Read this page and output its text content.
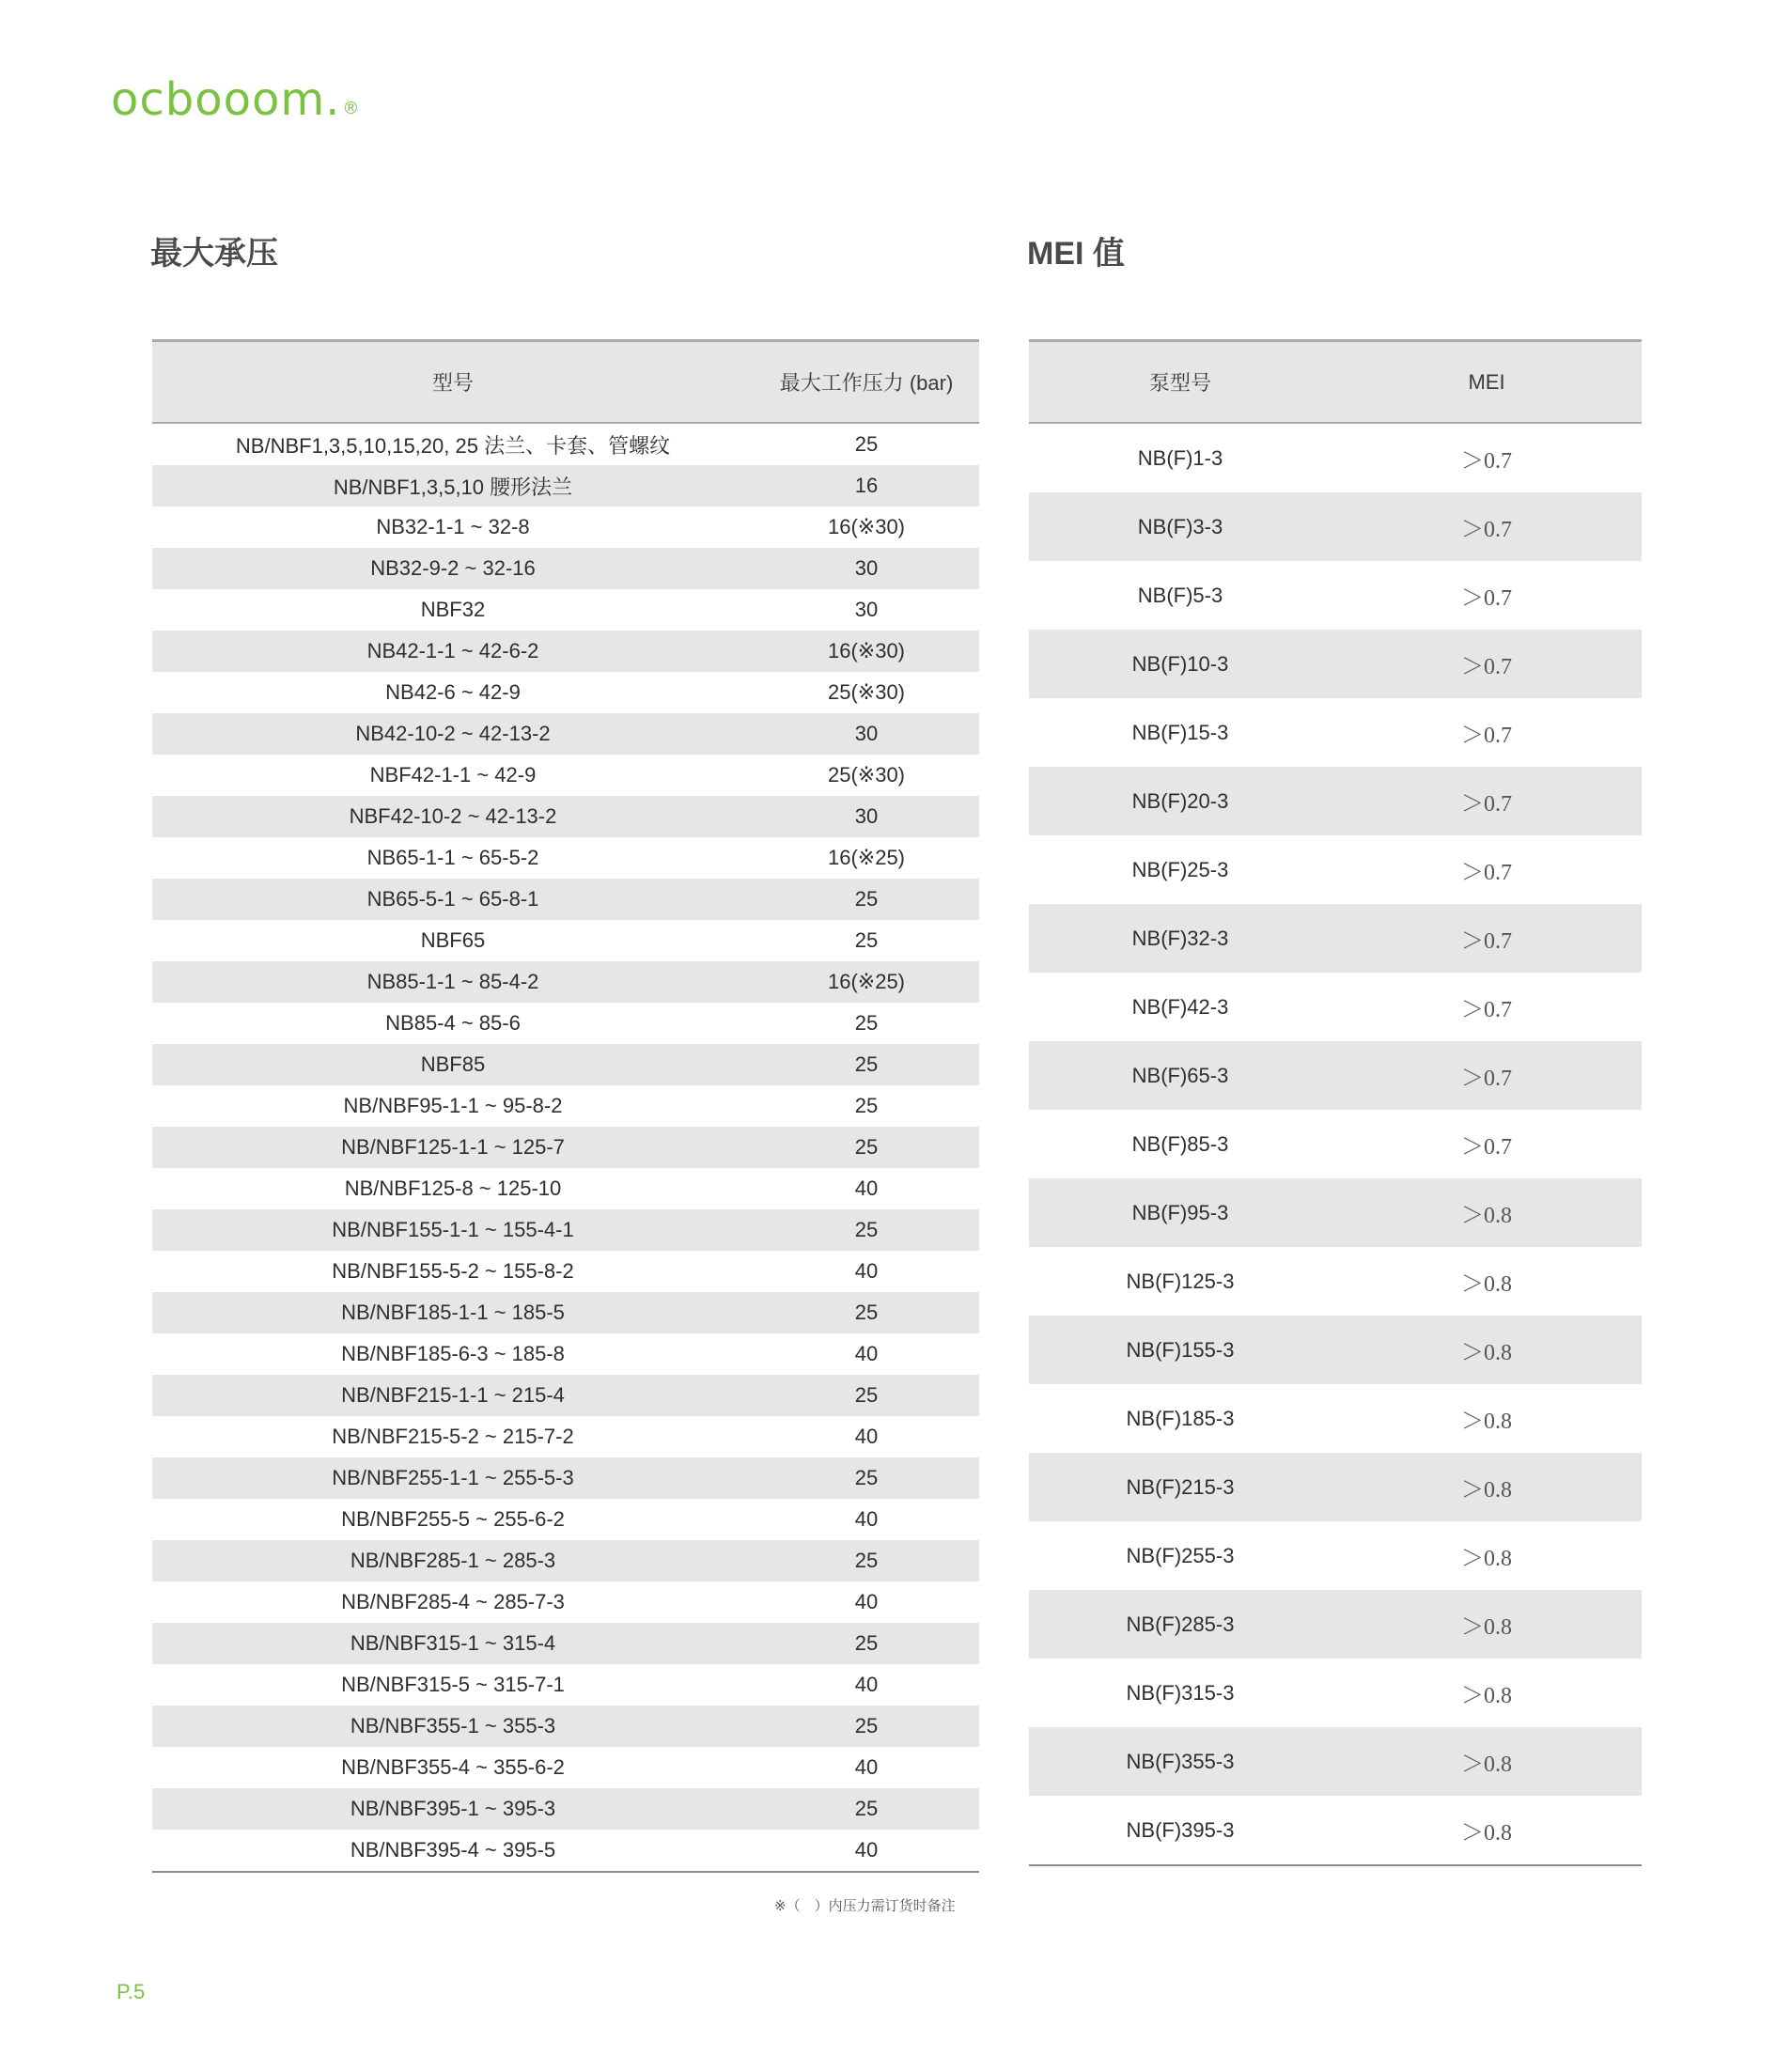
ocbooom. ®
最大承压	MEI 值
型号	最大工作压力 (bar)
NB/NBF1,3,5,10,15,20, 25 法兰、卡套、管螺纹	25
NB/NBF1,3,5,10 腰形法兰	16
NB32-1-1 ~ 32-8	16(※30)
NB32-9-2 ~ 32-16	30
NBF32	30
NB42-1-1 ~ 42-6-2	16(※30)
NB42-6 ~ 42-9	25(※30)
NB42-10-2 ~ 42-13-2	30
NBF42-1-1 ~ 42-9	25(※30)
NBF42-10-2 ~ 42-13-2	30
NB65-1-1 ~ 65-5-2	16(※25)
NB65-5-1 ~ 65-8-1	25
NBF65	25
NB85-1-1 ~ 85-4-2	16(※25)
NB85-4 ~ 85-6	25
NBF85	25
NB/NBF95-1-1 ~ 95-8-2	25
NB/NBF125-1-1 ~ 125-7	25
NB/NBF125-8 ~ 125-10	40
NB/NBF155-1-1 ~ 155-4-1	25
NB/NBF155-5-2 ~ 155-8-2	40
NB/NBF185-1-1 ~ 185-5	25
NB/NBF185-6-3 ~ 185-8	40
NB/NBF215-1-1 ~ 215-4	25
NB/NBF215-5-2 ~ 215-7-2	40
NB/NBF255-1-1 ~ 255-5-3	25
NB/NBF255-5 ~ 255-6-2	40
NB/NBF285-1 ~ 285-3	25
NB/NBF285-4 ~ 285-7-3	40
NB/NBF315-1 ~ 315-4	25
NB/NBF315-5 ~ 315-7-1	40
NB/NBF355-1 ~ 355-3	25
NB/NBF355-4 ~ 355-6-2	40
NB/NBF395-1 ~ 395-3	25
NB/NBF395-4 ~ 395-5	40
泵型号	MEI
NB(F)1-3	＞0.7
NB(F)3-3	＞0.7
NB(F)5-3	＞0.7
NB(F)10-3	＞0.7
NB(F)15-3	＞0.7
NB(F)20-3	＞0.7
NB(F)25-3	＞0.7
NB(F)32-3	＞0.7
NB(F)42-3	＞0.7
NB(F)65-3	＞0.7
NB(F)85-3	＞0.7
NB(F)95-3	＞0.8
NB(F)125-3	＞0.8
NB(F)155-3	＞0.8
NB(F)185-3	＞0.8
NB(F)215-3	＞0.8
NB(F)255-3	＞0.8
NB(F)285-3	＞0.8
NB(F)315-3	＞0.8
NB(F)355-3	＞0.8
NB(F)395-3	＞0.8
※（　）内压力需订货时备注
P.5
